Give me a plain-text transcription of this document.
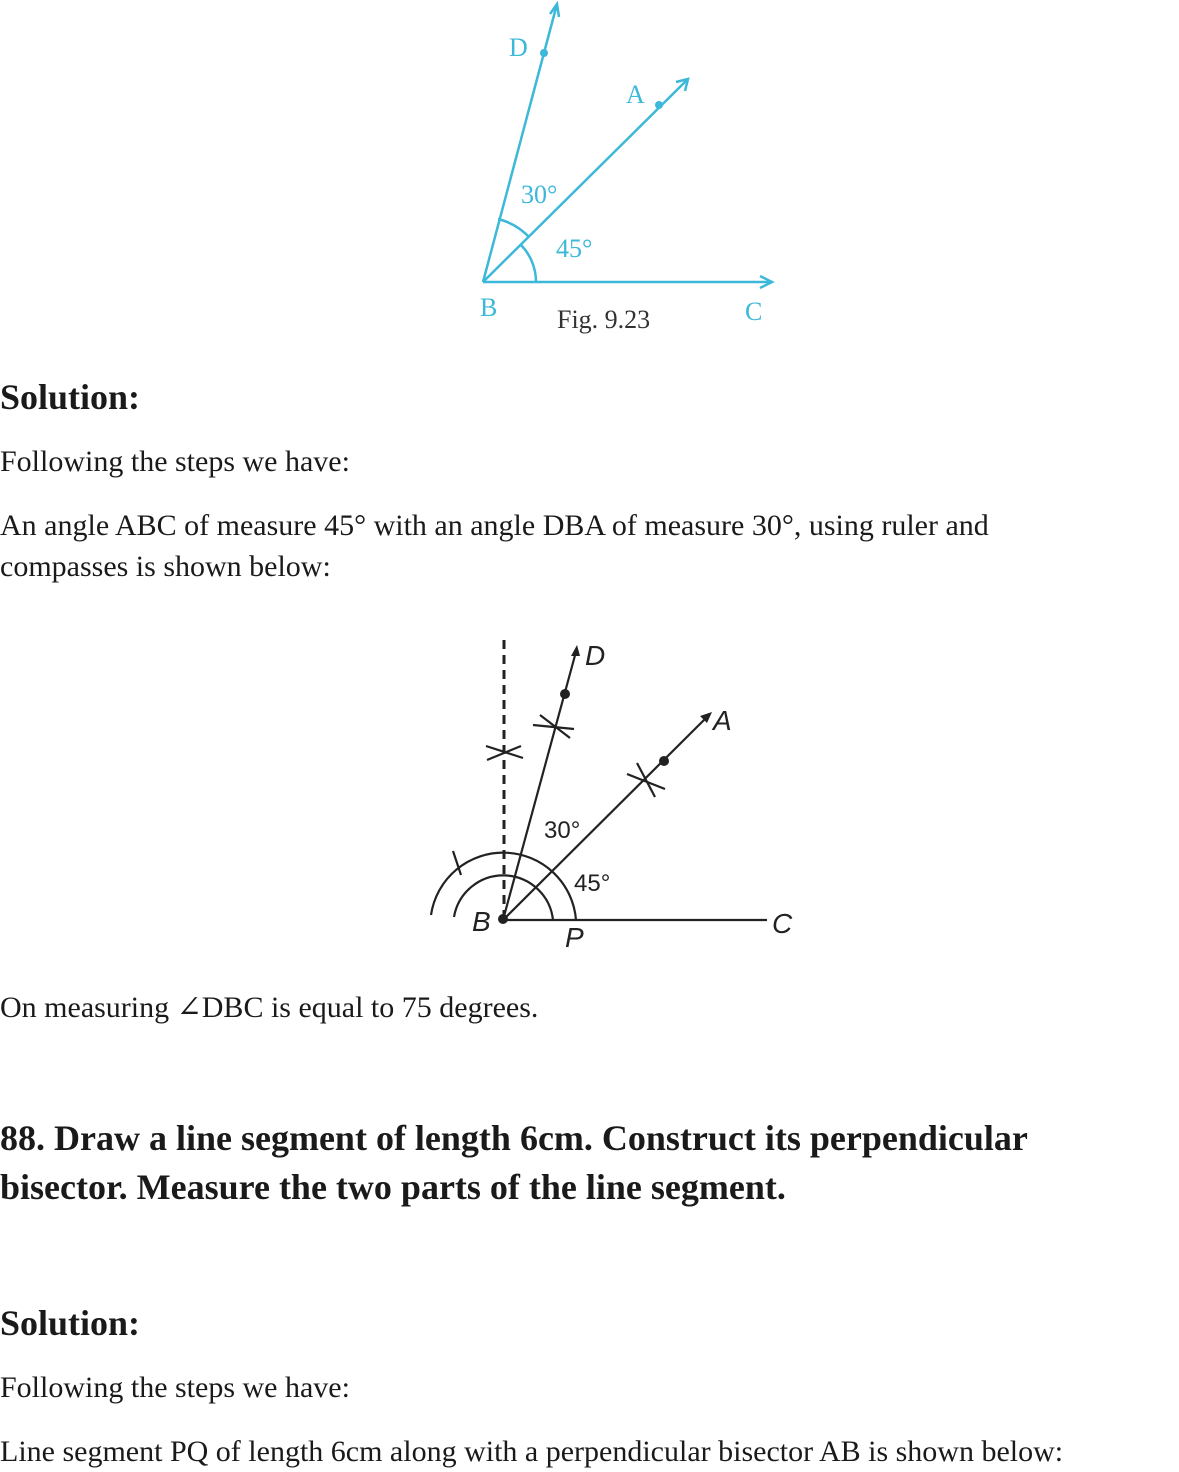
D
A
30°
45°
B	C
Fig. 9.23
Solution:
Following the steps we have:
An angle ABC of measure 45° with an angle DBA of measure 30°, using ruler and
compasses is shown below:
D
A
30°
45°
B
P	C
On measuring ∠DBC is equal to 75 degrees.
88. Draw a line segment of length 6cm. Construct its perpendicular
bisector. Measure the two parts of the line segment.
Solution:
Following the steps we have:
Line segment PQ of length 6cm along with a perpendicular bisector AB is shown below:
